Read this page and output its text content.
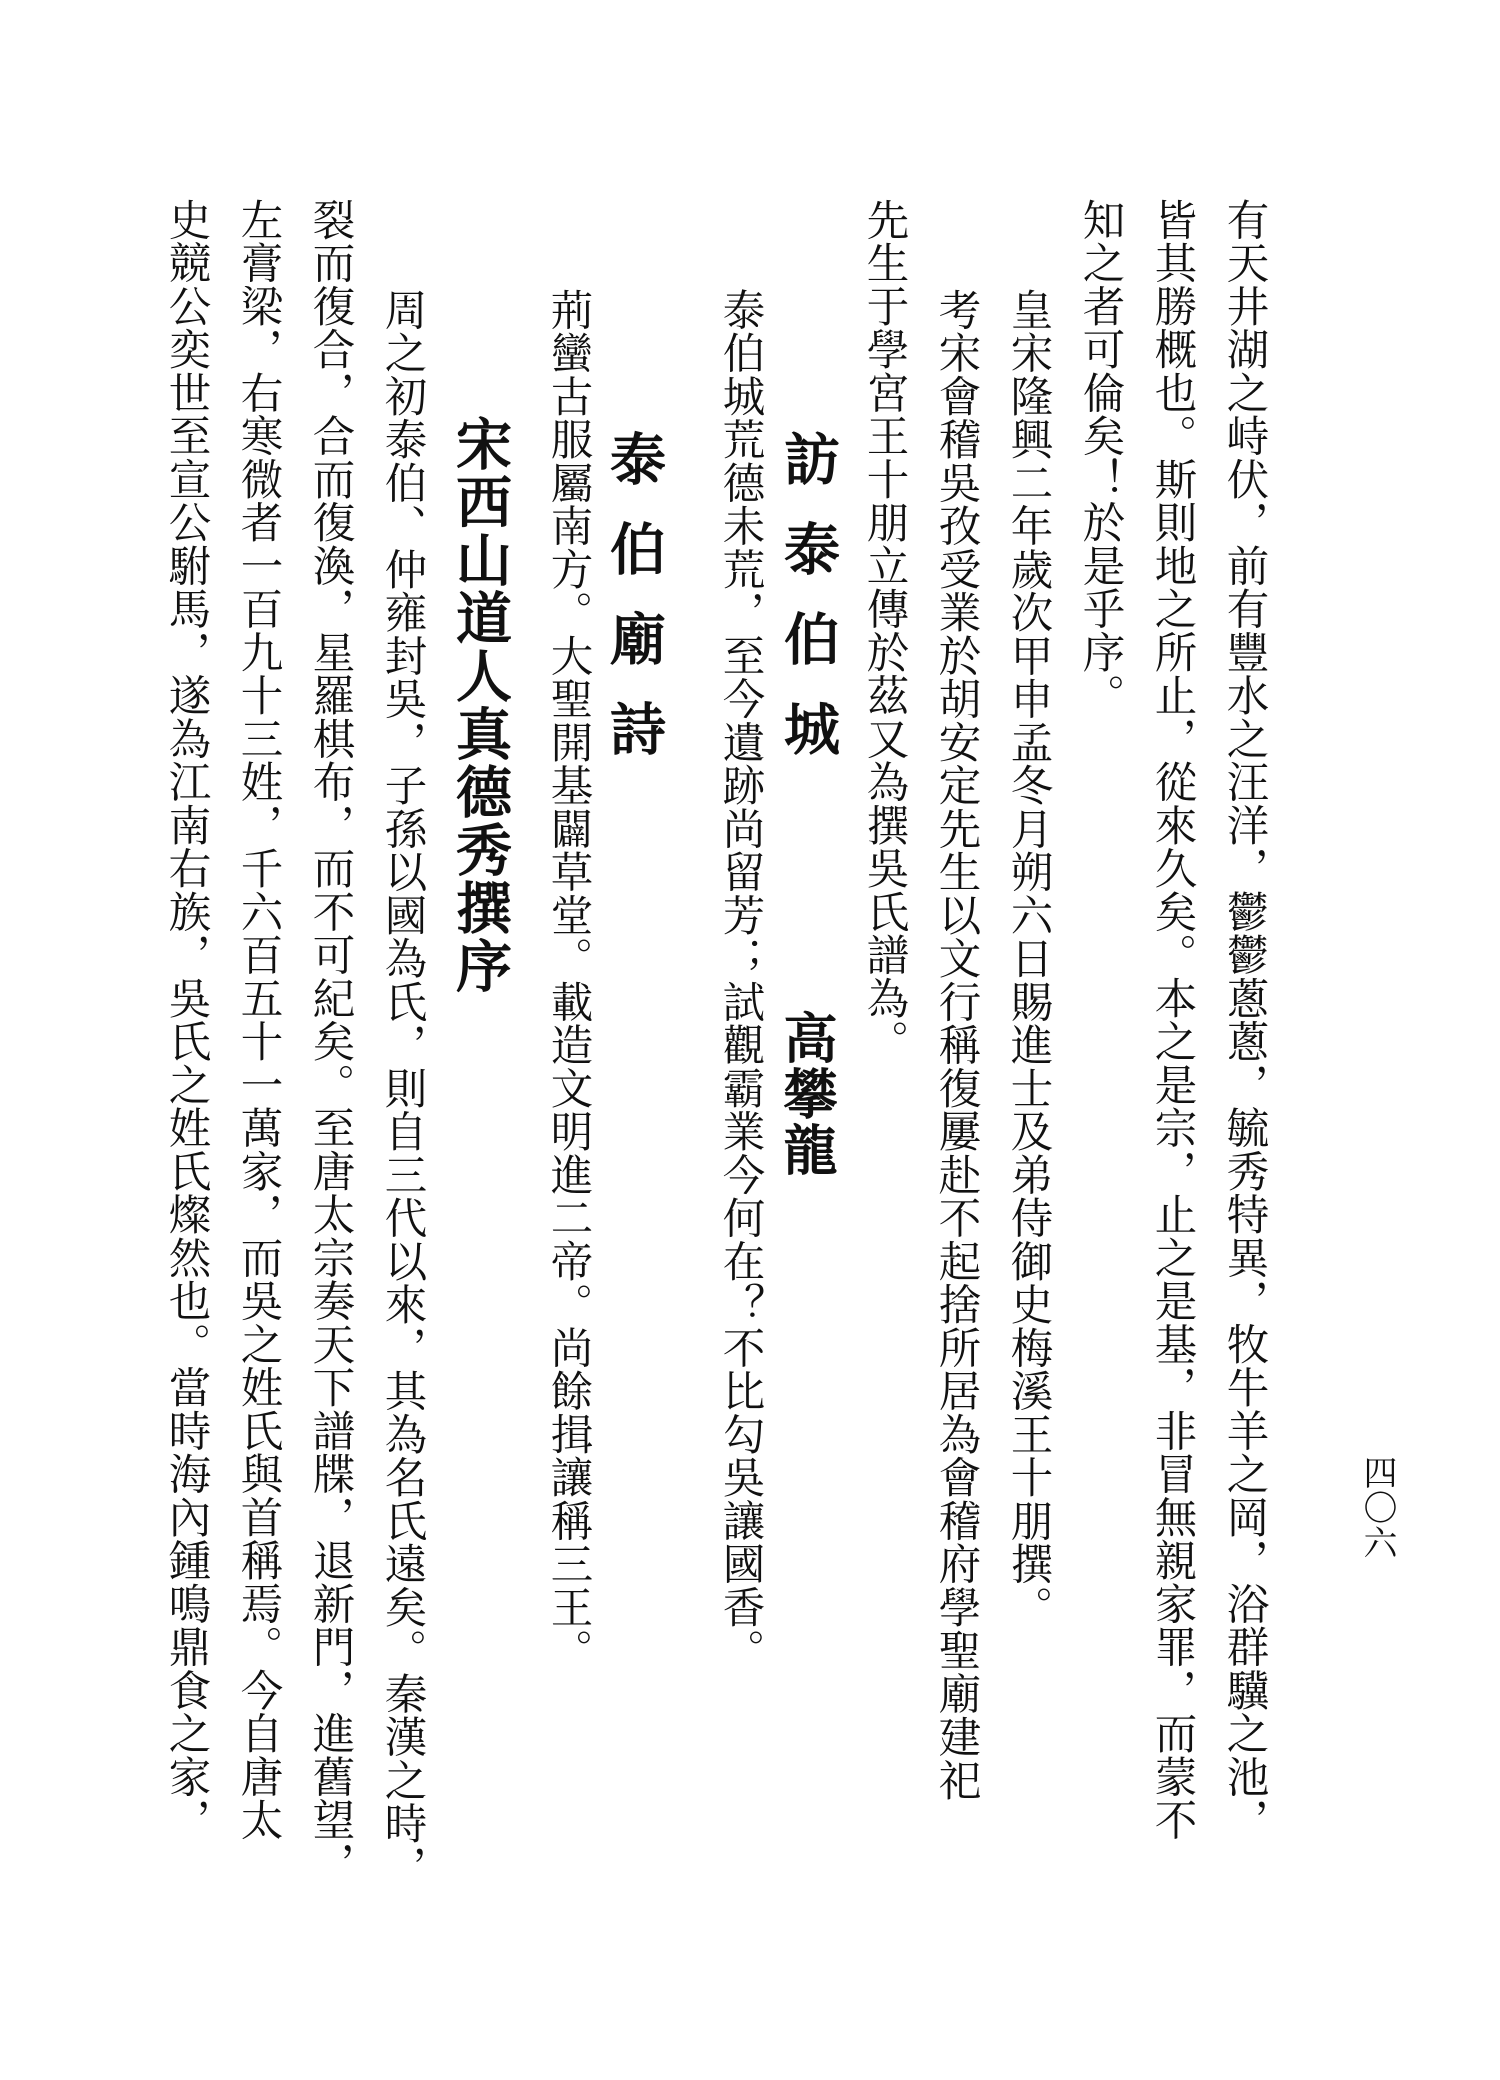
四〇六
有天井湖之峙伏，前有豐水之汪洋，鬱鬱蔥蔥，毓秀特異，牧牛羊之岡，浴群驥之池，
皆其勝概也。斯則地之所止，從來久矣。本之是宗，止之是基，非冒無親家罪，而蒙不
知之者可倫矣！於是乎序。
皇宋隆興二年歲次甲申孟冬月朔六日賜進士及弟侍御史梅溪王十朋撰。
考宋會稽吳孜受業於胡安定先生以文行稱復屢赴不起捨所居為會稽府學聖廟建祀
先生于學宮王十朋立傳於茲又為撰吳氏譜為。
訪泰伯城
高攀龍
泰伯城荒德未荒，至今遺跡尚留芳；試觀霸業今何在？不比勾吳讓國香。
泰伯廟詩
荊蠻古服屬南方。大聖開基闢草堂。載造文明進二帝。尚餘揖讓稱三王。
宋西山道人真德秀撰序
周之初泰伯、仲雍封吳，子孫以國為氏，則自三代以來，其為名氏遠矣。秦漢之時，
裂而復合，合而復渙，星羅棋布，而不可紀矣。至唐太宗奏天下譜牒，退新門，進舊望，
左膏梁，右寒微者一百九十三姓，千六百五十一萬家，而吳之姓氏與首稱焉。今自唐太
史競公奕世至宣公駙馬，遂為江南右族，吳氏之姓氏燦然也。當時海內鍾鳴鼎食之家，
